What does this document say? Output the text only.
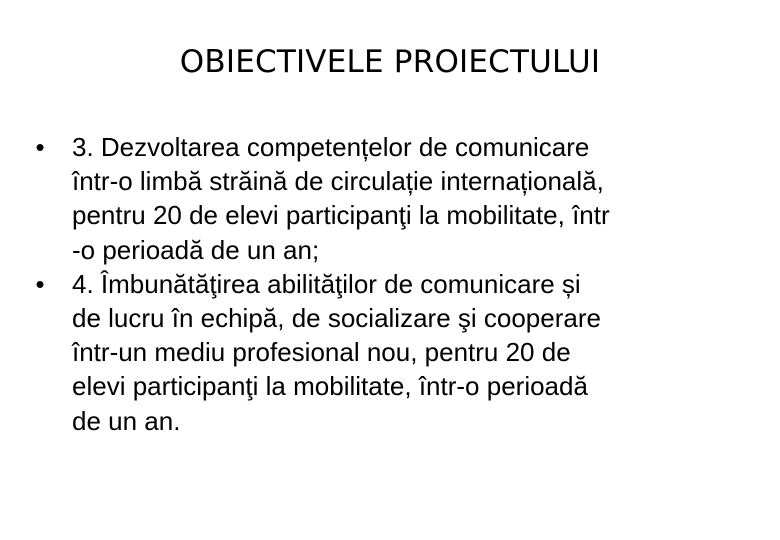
OBIECTIVELE PROIECTULUI
• 3. Dezvoltarea competențelor de comunicare
într-o limbă străină de circulație internațională,
pentru 20 de elevi participanţi la mobilitate, într
-o perioadă de un an;
• 4. Îmbunătăţirea abilităţilor de comunicare și
de lucru în echipă, de socializare şi cooperare
într-un mediu profesional nou, pentru 20 de
elevi participanţi la mobilitate, într-o perioadă
de un an.
